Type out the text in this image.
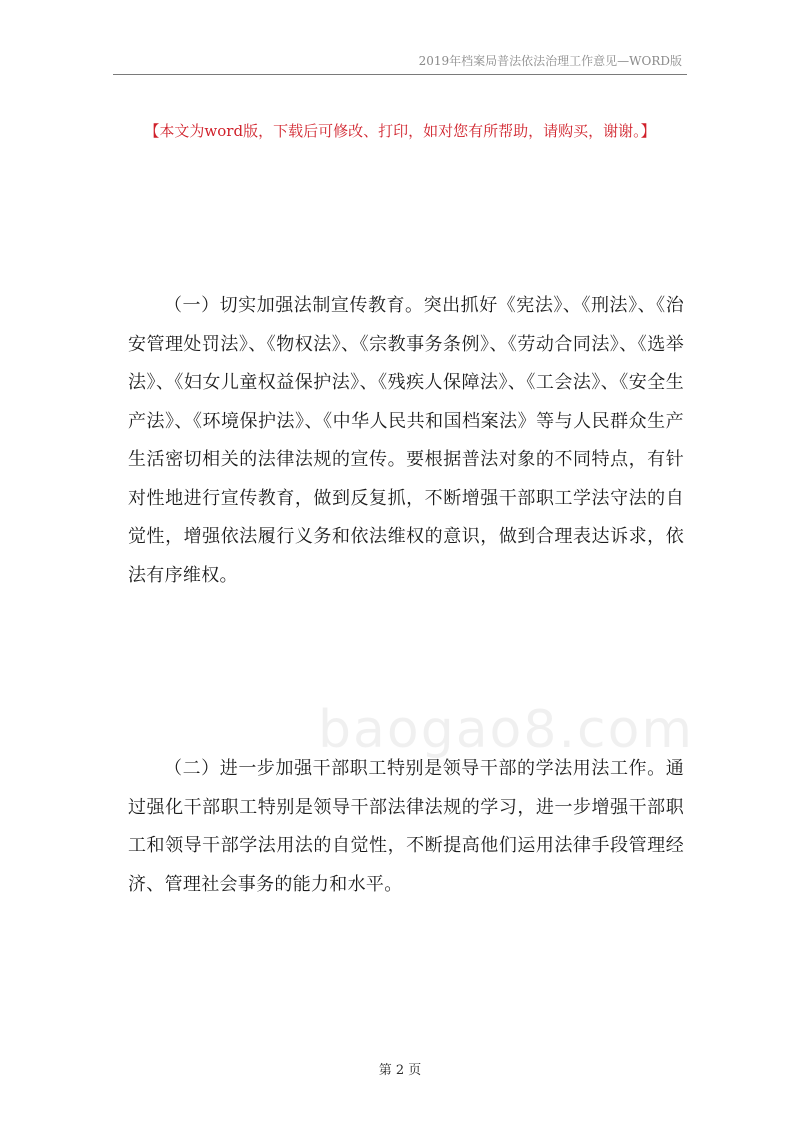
2019年档案局普法依法治理工作意见—WORD版
【本文为word版，下载后可修改、打印，如对您有所帮助，请购买，谢谢。】

（一）切实加强法制宣传教育。突出抓好《宪法》、《刑法》、《治安管理处罚法》、《物权法》、《宗教事务条例》、《劳动合同法》、《选举法》、《妇女儿童权益保护法》、《残疾人保障法》、《工会法》、《安全生产法》、《环境保护法》、《中华人民共和国档案法》等与人民群众生产生活密切相关的法律法规的宣传。要根据普法对象的不同特点，有针对性地进行宣传教育，做到反复抓，不断增强干部职工学法守法的自觉性，增强依法履行义务和依法维权的意识，做到合理表达诉求，依法有序维权。

baogao8.com

（二）进一步加强干部职工特别是领导干部的学法用法工作。通过强化干部职工特别是领导干部法律法规的学习，进一步增强干部职工和领导干部学法用法的自觉性，不断提高他们运用法律手段管理经济、管理社会事务的能力和水平。

第 2 页
